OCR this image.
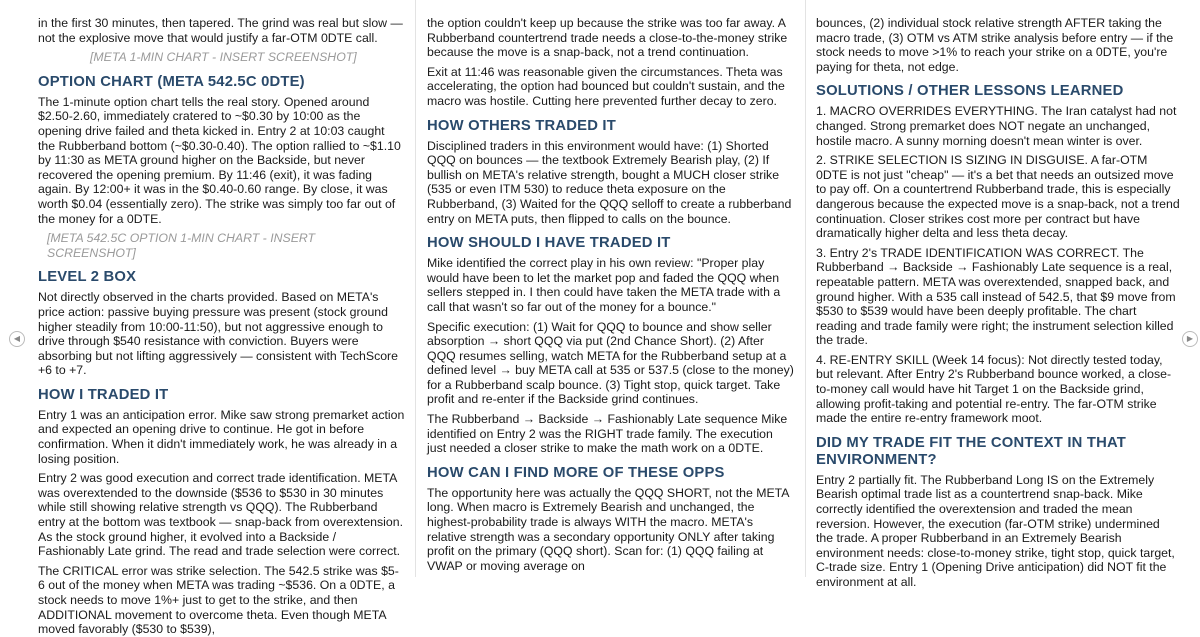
◀	▶

in the first 30 minutes, then tapered. The grind was real but slow — not the explosive move that would justify a far-OTM 0DTE call.

[META 1-MIN CHART - INSERT SCREENSHOT]

OPTION CHART (META 542.5C 0DTE)

The 1-minute option chart tells the real story. Opened around $2.50-2.60, immediately cratered to ~$0.30 by 10:00 as the opening drive failed and theta kicked in. Entry 2 at 10:03 caught the Rubberband bottom (~$0.30-0.40). The option rallied to ~$1.10 by 11:30 as META ground higher on the Backside, but never recovered the opening premium. By 11:46 (exit), it was fading again. By 12:00+ it was in the $0.40-0.60 range. By close, it was worth $0.04 (essentially zero). The strike was simply too far out of the money for a 0DTE.

[META 542.5C OPTION 1-MIN CHART - INSERT SCREENSHOT]

LEVEL 2 BOX

Not directly observed in the charts provided. Based on META's price action: passive buying pressure was present (stock ground higher steadily from 10:00-11:50), but not aggressive enough to drive through $540 resistance with conviction. Buyers were absorbing but not lifting aggressively — consistent with TechScore +6 to +7.

HOW I TRADED IT

Entry 1 was an anticipation error. Mike saw strong premarket action and expected an opening drive to continue. He got in before confirmation. When it didn't immediately work, he was already in a losing position.

Entry 2 was good execution and correct trade identification. META was overextended to the downside ($536 to $530 in 30 minutes while still showing relative strength vs QQQ). The Rubberband entry at the bottom was textbook — snap-back from overextension. As the stock ground higher, it evolved into a Backside / Fashionably Late grind. The read and trade selection were correct.

The CRITICAL error was strike selection. The 542.5 strike was $5-6 out of the money when META was trading ~$536. On a 0DTE, a stock needs to move 1%+ just to get to the strike, and then ADDITIONAL movement to overcome theta. Even though META moved favorably ($530 to $539),

the option couldn't keep up because the strike was too far away. A Rubberband countertrend trade needs a close-to-the-money strike because the move is a snap-back, not a trend continuation.

Exit at 11:46 was reasonable given the circumstances. Theta was accelerating, the option had bounced but couldn't sustain, and the macro was hostile. Cutting here prevented further decay to zero.

HOW OTHERS TRADED IT

Disciplined traders in this environment would have: (1) Shorted QQQ on bounces — the textbook Extremely Bearish play, (2) If bullish on META's relative strength, bought a MUCH closer strike (535 or even ITM 530) to reduce theta exposure on the Rubberband, (3) Waited for the QQQ selloff to create a rubberband entry on META puts, then flipped to calls on the bounce.

HOW SHOULD I HAVE TRADED IT

Mike identified the correct play in his own review: "Proper play would have been to let the market pop and faded the QQQ when sellers stepped in. I then could have taken the META trade with a call that wasn't so far out of the money for a bounce."

Specific execution: (1) Wait for QQQ to bounce and show seller absorption → short QQQ via put (2nd Chance Short). (2) After QQQ resumes selling, watch META for the Rubberband setup at a defined level → buy META call at 535 or 537.5 (close to the money) for a Rubberband scalp bounce. (3) Tight stop, quick target. Take profit and re-enter if the Backside grind continues.

The Rubberband → Backside → Fashionably Late sequence Mike identified on Entry 2 was the RIGHT trade family. The execution just needed a closer strike to make the math work on a 0DTE.

HOW CAN I FIND MORE OF THESE OPPS

The opportunity here was actually the QQQ SHORT, not the META long. When macro is Extremely Bearish and unchanged, the highest-probability trade is always WITH the macro. META's relative strength was a secondary opportunity ONLY after taking profit on the primary (QQQ short). Scan for: (1) QQQ failing at VWAP or moving average on

bounces, (2) individual stock relative strength AFTER taking the macro trade, (3) OTM vs ATM strike analysis before entry — if the stock needs to move >1% to reach your strike on a 0DTE, you're paying for theta, not edge.

SOLUTIONS / OTHER LESSONS LEARNED

1. MACRO OVERRIDES EVERYTHING. The Iran catalyst had not changed. Strong premarket does NOT negate an unchanged, hostile macro. A sunny morning doesn't mean winter is over.

2. STRIKE SELECTION IS SIZING IN DISGUISE. A far-OTM 0DTE is not just "cheap" — it's a bet that needs an outsized move to pay off. On a countertrend Rubberband trade, this is especially dangerous because the expected move is a snap-back, not a trend continuation. Closer strikes cost more per contract but have dramatically higher delta and less theta decay.

3. Entry 2's TRADE IDENTIFICATION WAS CORRECT. The Rubberband → Backside → Fashionably Late sequence is a real, repeatable pattern. META was overextended, snapped back, and ground higher. With a 535 call instead of 542.5, that $9 move from $530 to $539 would have been deeply profitable. The chart reading and trade family were right; the instrument selection killed the trade.

4. RE-ENTRY SKILL (Week 14 focus): Not directly tested today, but relevant. After Entry 2's Rubberband bounce worked, a close-to-money call would have hit Target 1 on the Backside grind, allowing profit-taking and potential re-entry. The far-OTM strike made the entire re-entry framework moot.

DID MY TRADE FIT THE CONTEXT IN THAT ENVIRONMENT?

Entry 2 partially fit. The Rubberband Long IS on the Extremely Bearish optimal trade list as a countertrend snap-back. Mike correctly identified the overextension and traded the mean reversion. However, the execution (far-OTM strike) undermined the trade. A proper Rubberband in an Extremely Bearish environment needs: close-to-money strike, tight stop, quick target, C-trade size. Entry 1 (Opening Drive anticipation) did NOT fit the environment at all.
